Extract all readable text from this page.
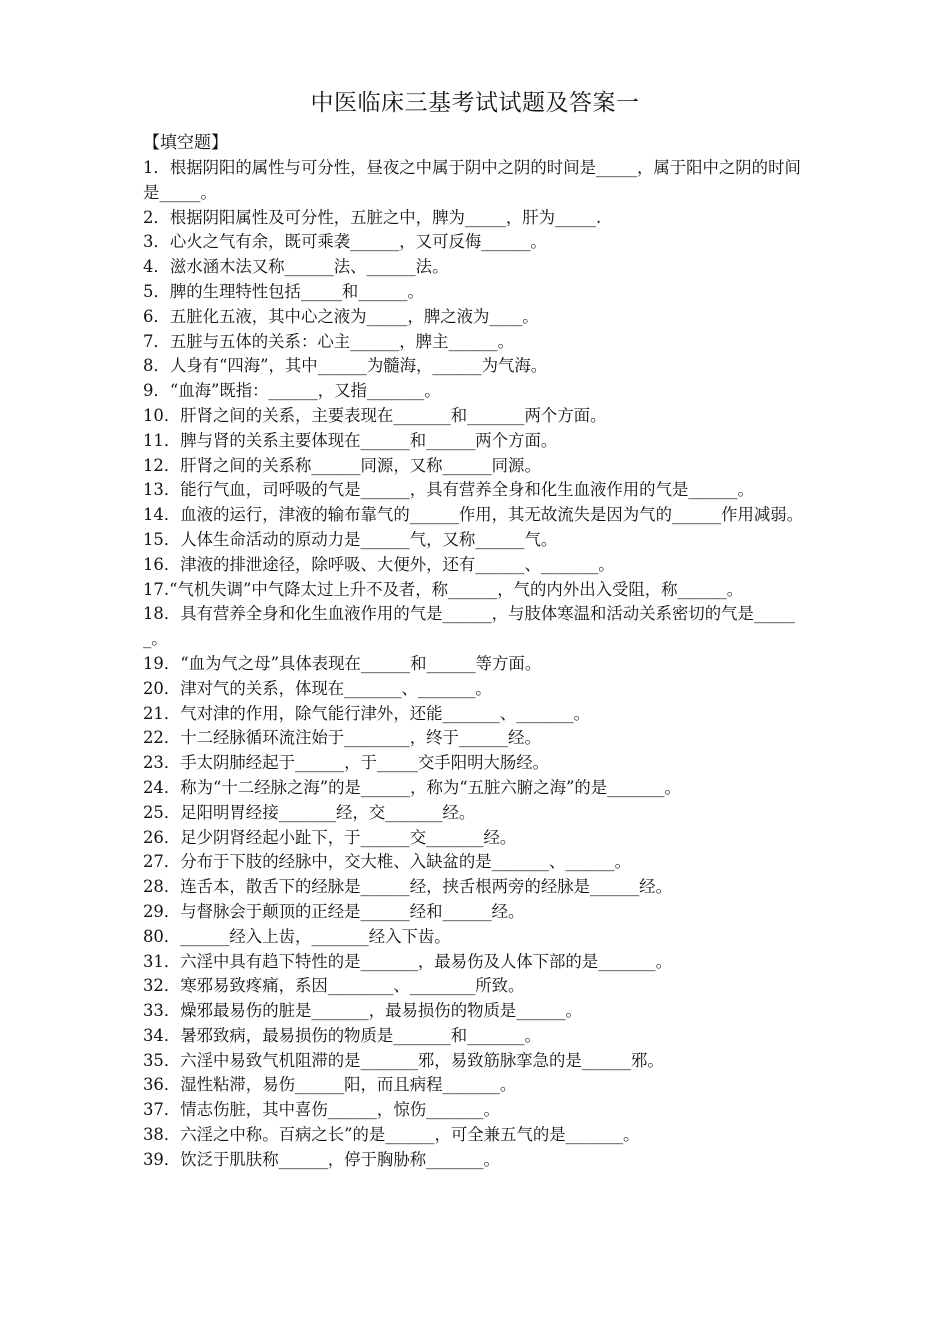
中医临床三基考试试题及答案一
【填空题】
1．根据阴阳的属性与可分性，昼夜之中属于阴中之阴的时间是_____，属于阳中之阴的时间是_____。
2．根据阴阳属性及可分性，五脏之中，脾为_____，肝为_____.
3．心火之气有余，既可乘袭______，又可反侮______。
4．滋水涵木法又称______法、______法。
5．脾的生理特性包括_____和______。
6．五脏化五液，其中心之液为_____，脾之液为____。
7．五脏与五体的关系：心主______，脾主______。
8．人身有“四海”，其中______为髓海，______为气海。
9．“血海”既指：______，又指_______。
10．肝肾之间的关系，主要表现在_______和_______两个方面。
11．脾与肾的关系主要体现在______和______两个方面。
12．肝肾之间的关系称______同源，又称______同源。
13．能行气血，司呼吸的气是______，具有营养全身和化生血液作用的气是______。
14．血液的运行，津液的输布靠气的______作用，其无故流失是因为气的______作用减弱。
15．人体生命活动的原动力是______气，又称______气。
16．津液的排泄途径，除呼吸、大便外，还有______、_______。
17.“气机失调”中气降太过上升不及者，称______，气的内外出入受阻，称______。
18．具有营养全身和化生血液作用的气是______，与肢体寒温和活动关系密切的气是______。
19．“血为气之母”具体表现在______和______等方面。
20．津对气的关系，体现在_______、_______。
21．气对津的作用，除气能行津外，还能_______、_______。
22．十二经脉循环流注始于________，终于______经。
23．手太阴肺经起于______，于_____交手阳明大肠经。
24．称为“十二经脉之海”的是______，称为“五脏六腑之海”的是_______。
25．足阳明胃经接_______经，交_______经。
26．足少阴肾经起小趾下，于______交_______经。
27．分布于下肢的经脉中，交大椎、入缺盆的是_______、______。
28．连舌本，散舌下的经脉是______经，挟舌根两旁的经脉是______经。
29．与督脉会于颠顶的正经是______经和______经。
80．______经入上齿，_______经入下齿。
31．六淫中具有趋下特性的是_______，最易伤及人体下部的是_______。
32．寒邪易致疼痛，系因________、________所致。
33．燥邪最易伤的脏是_______，最易损伤的物质是______。
34．暑邪致病，最易损伤的物质是_______和_______。
35．六淫中易致气机阻滞的是_______邪，易致筋脉挛急的是______邪。
36．湿性粘滞，易伤______阳，而且病程_______。
37．情志伤脏，其中喜伤______，惊伤_______。
38．六淫之中称。百病之长”的是______，可全兼五气的是_______。
39．饮泛于肌肤称______，停于胸胁称_______。
